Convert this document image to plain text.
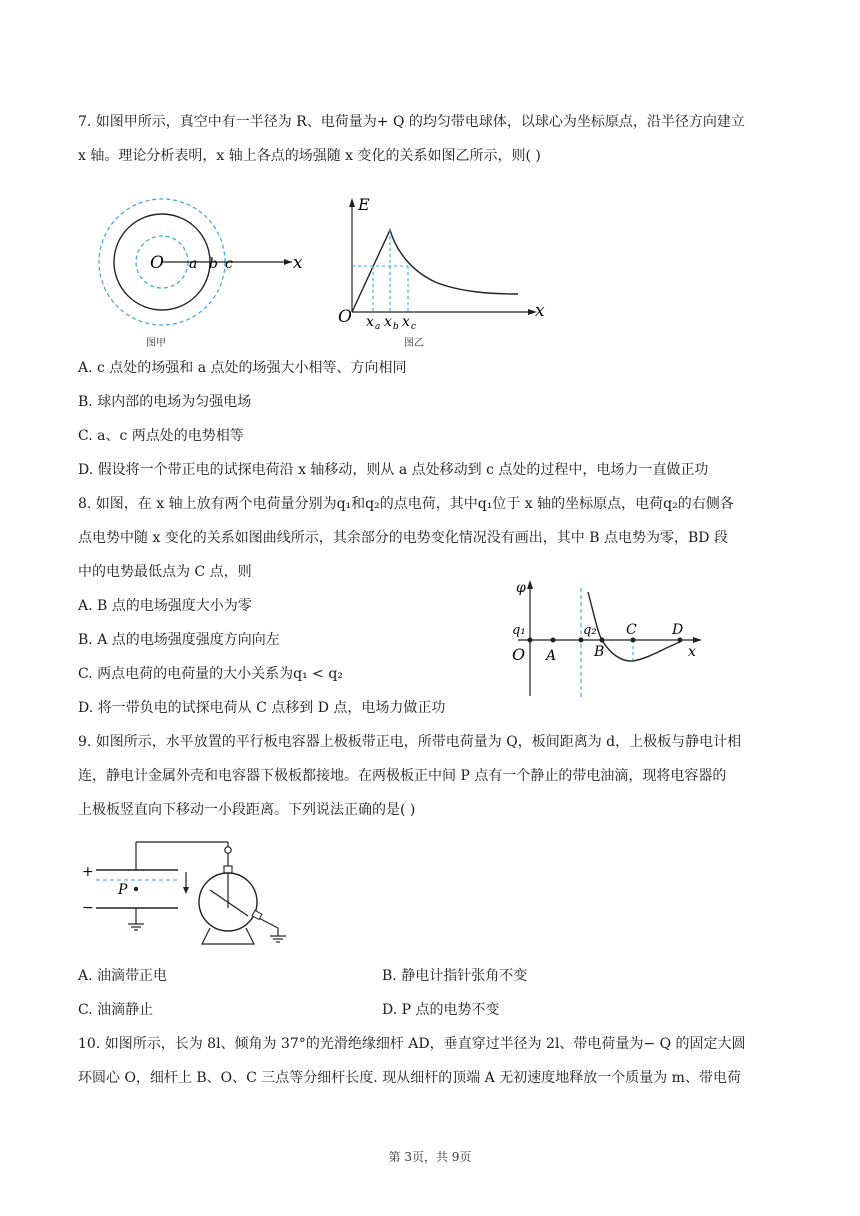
7. 如图甲所示，真空中有一半径为 R、电荷量为+ Q 的均匀带电球体，以球心为坐标原点，沿半径方向建立
x 轴。理论分析表明，x 轴上各点的场强随 x 变化的关系如图乙所示，则( )
O a b c	x
图甲
E
O	x
x a x b x c
图乙
A. c 点处的场强和 a 点处的场强大小相等、方向相同
B. 球内部的电场为匀强电场
C. a、c 两点处的电势相等
D. 假设将一个带正电的试探电荷沿 x 轴移动，则从 a 点处移动到 c 点处的过程中，电场力一直做正功
8. 如图，在 x 轴上放有两个电荷量分别为q₁和q₂的点电荷，其中q₁位于 x 轴的坐标原点，电荷q₂的右侧各
点电势中随 x 变化的关系如图曲线所示，其余部分的电势变化情况没有画出，其中 B 点电势为零，BD 段
中的电势最低点为 C 点，则
A. B 点的电场强度大小为零
B. A 点的电场强度强度方向向左
C. 两点电荷的电荷量的大小关系为q₁ < q₂
D. 将一带负电的试探电荷从 C 点移到 D 点，电场力做正功
φ
q₁	q₂
O A	B
C	D
x
9. 如图所示，水平放置的平行板电容器上极板带正电，所带电荷量为 Q，板间距离为 d，上极板与静电计相
连，静电计金属外壳和电容器下极板都接地。在两极板正中间 P 点有一个静止的带电油滴，现将电容器的
上极板竖直向下移动一小段距离。下列说法正确的是( )
+
−
P
A. 油滴带正电	B. 静电计指针张角不变
C. 油滴静止	D. P 点的电势不变
10. 如图所示，长为 8l、倾角为 37°的光滑绝缘细杆 AD，垂直穿过半径为 2l、带电荷量为− Q 的固定大圆
环圆心 O，细杆上 B、O、C 三点等分细杆长度. 现从细杆的顶端 A 无初速度地释放一个质量为 m、带电荷
第 3页，共 9页
